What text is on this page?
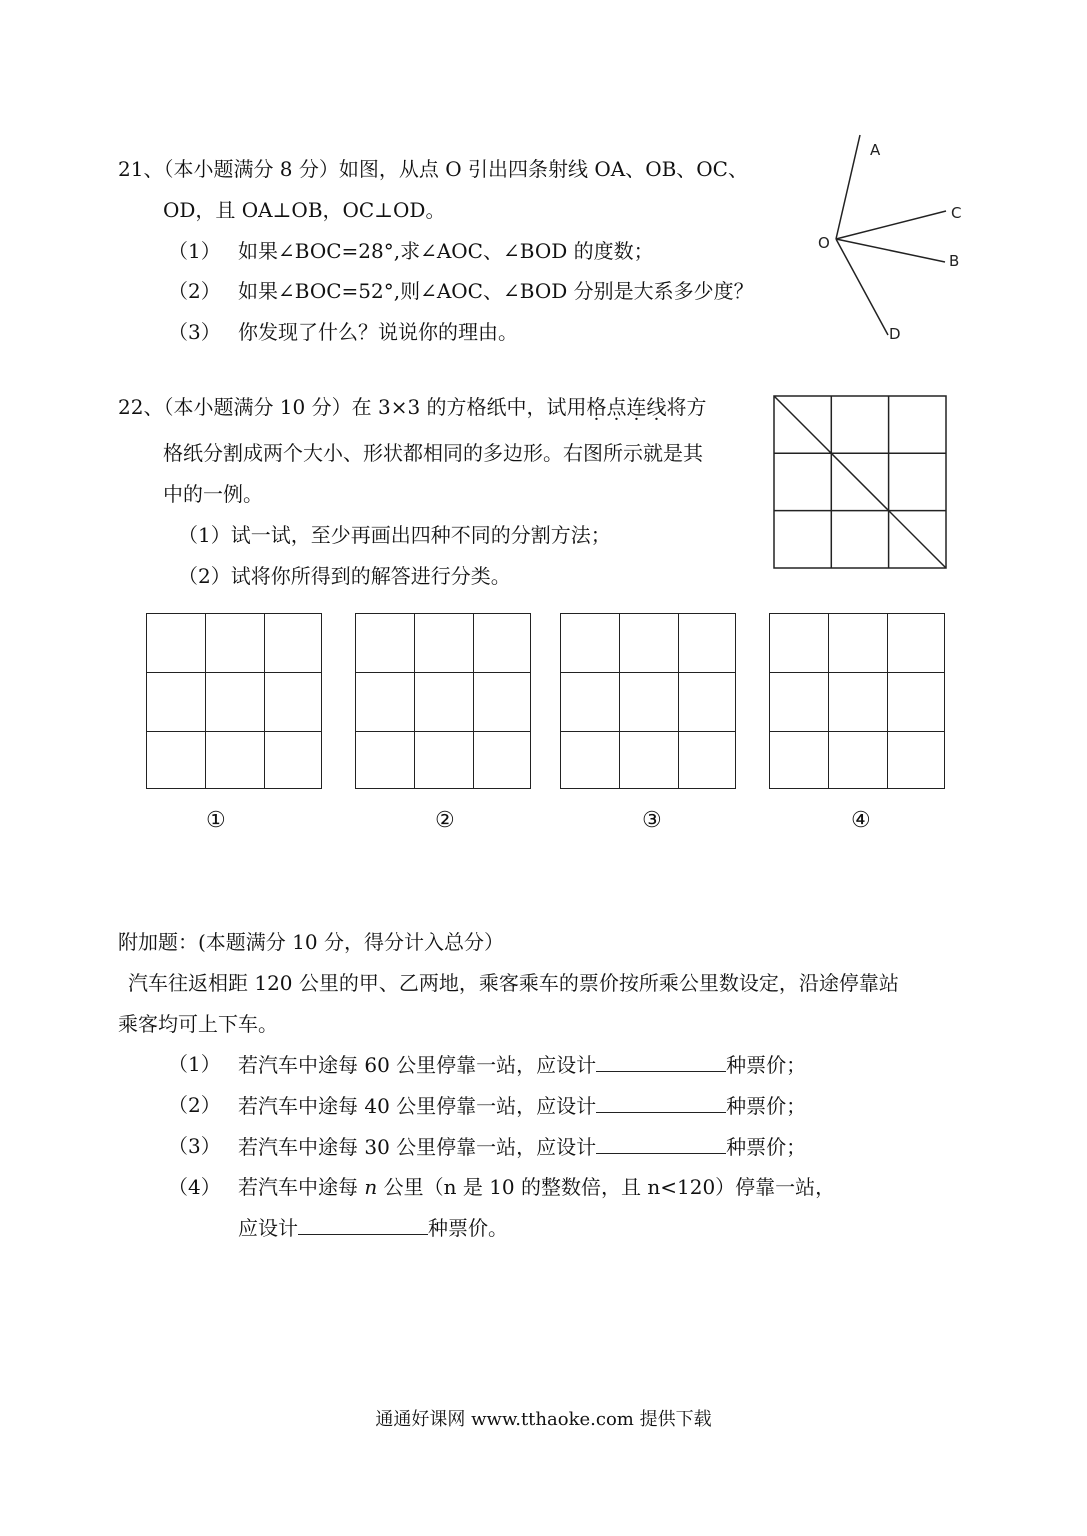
21、（本小题满分 8 分）如图，从点 O 引出四条射线 OA、OB、OC、
OD，且 OA⊥OB，OC⊥OD。
（1） 如果∠BOC=28°,求∠AOC、∠BOD 的度数；
（2） 如果∠BOC=52°,则∠AOC、∠BOD 分别是大系多少度？
（3） 你发现了什么？说说你的理由。
A
C
O
B
D
22、（本小题满分 10 分）在 3×3 的方格纸中，试用格点连线将方
格纸分割成两个大小、形状都相同的多边形。右图所示就是其
中的一例。
（1）试一试，至少再画出四种不同的分割方法；
（2）试将你所得到的解答进行分类。
①	②	③	④
附加题：(本题满分 10 分，得分计入总分）
汽车往返相距 120 公里的甲、乙两地，乘客乘车的票价按所乘公里数设定，沿途停靠站
乘客均可上下车。
（1） 若汽车中途每 60 公里停靠一站，应设计	种票价；
（2） 若汽车中途每 40 公里停靠一站，应设计	种票价；
（3） 若汽车中途每 30 公里停靠一站，应设计	种票价；
（4） 若汽车中途每 n 公里（n 是 10 的整数倍，且 n<120）停靠一站，
应设计	种票价。
通通好课网 www.tthaoke.com 提供下载
